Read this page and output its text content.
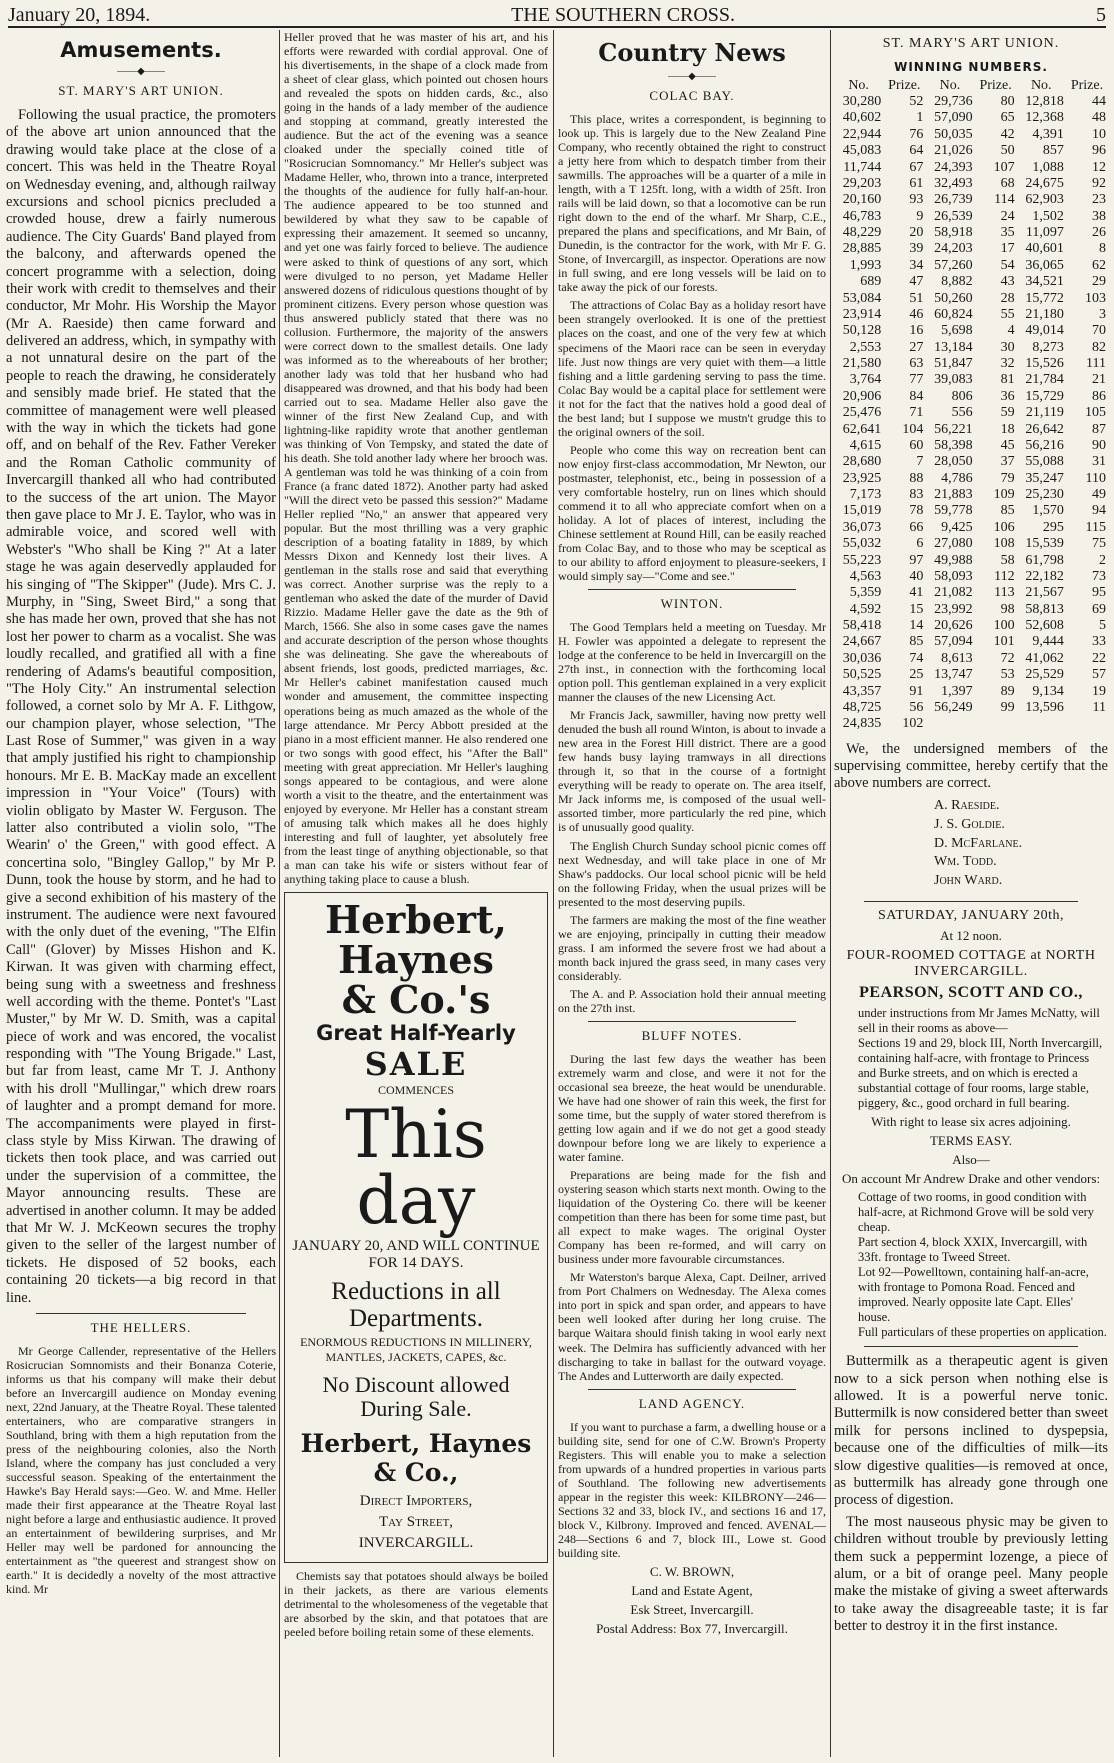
January 20, 1894.	THE SOUTHERN CROSS.	5
Amusements.
——◆——
ST. MARY'S ART UNION.

Following the usual practice, the promoters of the above art union announced that the drawing would take place at the close of a concert. This was held in the Theatre Royal on Wednesday evening, and, although railway excursions and school picnics precluded a crowded house, drew a fairly numerous audience. The City Guards' Band played from the balcony, and afterwards opened the concert programme with a selection, doing their work with credit to themselves and their conductor, Mr Mohr. His Worship the Mayor (Mr A. Raeside) then came forward and delivered an address, which, in sympathy with a not unnatural desire on the part of the people to reach the drawing, he considerately and sensibly made brief. He stated that the committee of management were well pleased with the way in which the tickets had gone off, and on behalf of the Rev. Father Vereker and the Roman Catholic community of Invercargill thanked all who had contributed to the success of the art union. The Mayor then gave place to Mr J. E. Taylor, who was in admirable voice, and scored well with Webster's "Who shall be King ?" At a later stage he was again deservedly applauded for his singing of "The Skipper" (Jude). Mrs C. J. Murphy, in "Sing, Sweet Bird," a song that she has made her own, proved that she has not lost her power to charm as a vocalist. She was loudly recalled, and gratified all with a fine rendering of Adams's beautiful composition, "The Holy City." An instrumental selection followed, a cornet solo by Mr A. F. Lithgow, our champion player, whose selection, "The Last Rose of Summer," was given in a way that amply justified his right to championship honours. Mr E. B. MacKay made an excellent impression in "Your Voice" (Tours) with violin obligato by Master W. Ferguson. The latter also contributed a violin solo, "The Wearin' o' the Green," with good effect. A concertina solo, "Bingley Gallop," by Mr P. Dunn, took the house by storm, and he had to give a second exhibition of his mastery of the instrument. The audience were next favoured with the only duet of the evening, "The Elfin Call" (Glover) by Misses Hishon and K. Kirwan. It was given with charming effect, being sung with a sweetness and freshness well according with the theme. Pontet's "Last Muster," by Mr W. D. Smith, was a capital piece of work and was encored, the vocalist responding with "The Young Brigade." Last, but far from least, came Mr T. J. Anthony with his droll "Mullingar," which drew roars of laughter and a prompt demand for more. The accompaniments were played in first-class style by Miss Kirwan. The drawing of tickets then took place, and was carried out under the supervision of a committee, the Mayor announcing results. These are advertised in another column. It may be added that Mr W. J. McKeown secures the trophy given to the seller of the largest number of tickets. He disposed of 52 books, each containing 20 tickets—a big record in that line.

THE HELLERS.

Mr George Callender, representative of the Hellers Rosicrucian Somnomists and their Bonanza Coterie, informs us that his company will make their debut before an Invercargill audience on Monday evening next, 22nd January, at the Theatre Royal. These talented entertainers, who are comparative strangers in Southland, bring with them a high reputation from the press of the neighbouring colonies, also the North Island, where the company has just concluded a very successful season. Speaking of the entertainment the Hawke's Bay Herald says:—Geo. W. and Mme. Heller made their first appearance at the Theatre Royal last night before a large and enthusiastic audience. It proved an entertainment of bewildering surprises, and Mr Heller may well be pardoned for announcing the entertainment as "the queerest and strangest show on earth." It is decidedly a novelty of the most attractive kind. Mr

Heller proved that he was master of his art, and his efforts were rewarded with cordial approval. One of his divertisements, in the shape of a clock made from a sheet of clear glass, which pointed out chosen hours and revealed the spots on hidden cards, &c., also going in the hands of a lady member of the audience and stopping at command, greatly interested the audience. But the act of the evening was a seance cloaked under the specially coined title of "Rosicrucian Somnomancy." Mr Heller's subject was Madame Heller, who, thrown into a trance, interpreted the thoughts of the audience for fully half-an-hour. The audience appeared to be too stunned and bewildered by what they saw to be capable of expressing their amazement. It seemed so uncanny, and yet one was fairly forced to believe. The audience were asked to think of questions of any sort, which were divulged to no person, yet Madame Heller answered dozens of ridiculous questions thought of by prominent citizens. Every person whose question was thus answered publicly stated that there was no collusion. Furthermore, the majority of the answers were correct down to the smallest details. One lady was informed as to the whereabouts of her brother; another lady was told that her husband who had disappeared was drowned, and that his body had been carried out to sea. Madame Heller also gave the winner of the first New Zealand Cup, and with lightning-like rapidity wrote that another gentleman was thinking of Von Tempsky, and stated the date of his death. She told another lady where her brooch was. A gentleman was told he was thinking of a coin from France (a franc dated 1872). Another party had asked "Will the direct veto be passed this session?" Madame Heller replied "No," an answer that appeared very popular. But the most thrilling was a very graphic description of a boating fatality in 1889, by which Messrs Dixon and Kennedy lost their lives. A gentleman in the stalls rose and said that everything was correct. Another surprise was the reply to a gentleman who asked the date of the murder of David Rizzio. Madame Heller gave the date as the 9th of March, 1566. She also in some cases gave the names and accurate description of the person whose thoughts she was delineating. She gave the whereabouts of absent friends, lost goods, predicted marriages, &c. Mr Heller's cabinet manifestation caused much wonder and amusement, the committee inspecting operations being as much amazed as the whole of the large attendance. Mr Percy Abbott presided at the piano in a most efficient manner. He also rendered one or two songs with good effect, his "After the Ball" meeting with great appreciation. Mr Heller's laughing songs appeared to be contagious, and were alone worth a visit to the theatre, and the entertainment was enjoyed by everyone. Mr Heller has a constant stream of amusing talk which makes all he does highly interesting and full of laughter, yet absolutely free from the least tinge of anything objectionable, so that a man can take his wife or sisters without fear of anything taking place to cause a blush.

Herbert,
Haynes
& Co.'s
Great Half-Yearly
SALE
COMMENCES
This day
JANUARY 20, AND WILL CONTINUE FOR 14 DAYS.
Reductions in all Departments.
ENORMOUS REDUCTIONS IN MILLINERY, MANTLES, JACKETS, CAPES, &c.
No Discount allowed During Sale.
Herbert, Haynes & Co.,
Direct Importers,
Tay Street,
INVERCARGILL.

Chemists say that potatoes should always be boiled in their jackets, as there are various elements detrimental to the wholesomeness of the vegetable that are absorbed by the skin, and that potatoes that are peeled before boiling retain some of these elements.

Country News
——◆——
COLAC BAY.

This place, writes a correspondent, is beginning to look up. This is largely due to the New Zealand Pine Company, who recently obtained the right to construct a jetty here from which to despatch timber from their sawmills. The approaches will be a quarter of a mile in length, with a T 125ft. long, with a width of 25ft. Iron rails will be laid down, so that a locomotive can be run right down to the end of the wharf. Mr Sharp, C.E., prepared the plans and specifications, and Mr Bain, of Dunedin, is the contractor for the work, with Mr F. G. Stone, of Invercargill, as inspector. Operations are now in full swing, and ere long vessels will be laid on to take away the pick of our forests.

The attractions of Colac Bay as a holiday resort have been strangely overlooked. It is one of the prettiest places on the coast, and one of the very few at which specimens of the Maori race can be seen in everyday life. Just now things are very quiet with them—a little fishing and a little gardening serving to pass the time. Colac Bay would be a capital place for settlement were it not for the fact that the natives hold a good deal of the best land; but I suppose we mustn't grudge this to the original owners of the soil.

People who come this way on recreation bent can now enjoy first-class accommodation, Mr Newton, our postmaster, telephonist, etc., being in possession of a very comfortable hostelry, run on lines which should commend it to all who appreciate comfort when on a holiday. A lot of places of interest, including the Chinese settlement at Round Hill, can be easily reached from Colac Bay, and to those who may be sceptical as to our ability to afford enjoyment to pleasure-seekers, I would simply say—"Come and see."

WINTON.

The Good Templars held a meeting on Tuesday. Mr H. Fowler was appointed a delegate to represent the lodge at the conference to be held in Invercargill on the 27th inst., in connection with the forthcoming local option poll. This gentleman explained in a very explicit manner the clauses of the new Licensing Act.

Mr Francis Jack, sawmiller, having now pretty well denuded the bush all round Winton, is about to invade a new area in the Forest Hill district. There are a good few hands busy laying tramways in all directions through it, so that in the course of a fortnight everything will be ready to operate on. The area itself, Mr Jack informs me, is composed of the usual well-assorted timber, more particularly the red pine, which is of unusually good quality.

The English Church Sunday school picnic comes off next Wednesday, and will take place in one of Mr Shaw's paddocks. Our local school picnic will be held on the following Friday, when the usual prizes will be presented to the most deserving pupils.

The farmers are making the most of the fine weather we are enjoying, principally in cutting their meadow grass. I am informed the severe frost we had about a month back injured the grass seed, in many cases very considerably.

The A. and P. Association hold their annual meeting on the 27th inst.

BLUFF NOTES.

During the last few days the weather has been extremely warm and close, and were it not for the occasional sea breeze, the heat would be unendurable. We have had one shower of rain this week, the first for some time, but the supply of water stored therefrom is getting low again and if we do not get a good steady downpour before long we are likely to experience a water famine.

Preparations are being made for the fish and oystering season which starts next month. Owing to the liquidation of the Oystering Co. there will be keener competition than there has been for some time past, but all expect to make wages. The original Oyster Company has been re-formed, and will carry on business under more favourable circumstances.

Mr Waterston's barque Alexa, Capt. Deilner, arrived from Port Chalmers on Wednesday. The Alexa comes into port in spick and span order, and appears to have been well looked after during her long cruise. The barque Waitara should finish taking in wool early next week. The Delmira has sufficiently advanced with her discharging to take in ballast for the outward voyage. The Andes and Lutterworth are daily expected.

LAND AGENCY.

If you want to purchase a farm, a dwelling house or a building site, send for one of C.W. Brown's Property Registers. This will enable you to make a selection from upwards of a hundred properties in various parts of Southland. The following new advertisements appear in the register this week: KILBRONY—246—Sections 32 and 33, block IV., and sections 16 and 17, block V., Kilbrony. Improved and fenced. AVENAL—248—Sections 6 and 7, block III., Lowe st. Good building site.

C. W. BROWN,
Land and Estate Agent,
Esk Street, Invercargill.
Postal Address: Box 77, Invercargill.
ST. MARY'S ART UNION.
WINNING NUMBERS.
No.	Prize.	No.	Prize.	No.	Prize.
30,280	52	29,736	80	12,818	44
40,602	1	57,090	65	12,368	48
22,944	76	50,035	42	4,391	10
45,083	64	21,026	50	857	96
11,744	67	24,393	107	1,088	12
29,203	61	32,493	68	24,675	92
20,160	93	26,739	114	62,903	23
46,783	9	26,539	24	1,502	38
48,229	20	58,918	35	11,097	26
28,885	39	24,203	17	40,601	8
1,993	34	57,260	54	36,065	62
689	47	8,882	43	34,521	29
53,084	51	50,260	28	15,772	103
23,914	46	60,824	55	21,180	3
50,128	16	5,698	4	49,014	70
2,553	27	13,184	30	8,273	82
21,580	63	51,847	32	15,526	111
3,764	77	39,083	81	21,784	21
20,906	84	806	36	15,729	86
25,476	71	556	59	21,119	105
62,641	104	56,221	18	26,642	87
4,615	60	58,398	45	56,216	90
28,680	7	28,050	37	55,088	31
23,925	88	4,786	79	35,247	110
7,173	83	21,883	109	25,230	49
15,019	78	59,778	85	1,570	94
36,073	66	9,425	106	295	115
55,032	6	27,080	108	15,539	75
55,223	97	49,988	58	61,798	2
4,563	40	58,093	112	22,182	73
5,359	41	21,082	113	21,567	95
4,592	15	23,992	98	58,813	69
58,418	14	20,626	100	52,608	5
24,667	85	57,094	101	9,444	33
30,036	74	8,613	72	41,062	22
50,525	25	13,747	53	25,529	57
43,357	91	1,397	89	9,134	19
48,725	56	56,249	99	13,596	11
24,835	102				

We, the undersigned members of the supervising committee, hereby certify that the above numbers are correct.

A. Raeside.
J. S. Goldie.
D. McFarlane.
Wm. Todd.
John Ward.
SATURDAY, JANUARY 20th,
At 12 noon.
FOUR-ROOMED COTTAGE at NORTH INVERCARGILL.
PEARSON, SCOTT AND CO.,
under instructions from Mr James McNatty, will sell in their rooms as above—
Sections 19 and 29, block III, North Invercargill, containing half-acre, with frontage to Princess and Burke streets, and on which is erected a substantial cottage of four rooms, large stable, piggery, &c., good orchard in full bearing.
With right to lease six acres adjoining.
TERMS EASY.
Also—
On account Mr Andrew Drake and other vendors:
Cottage of two rooms, in good condition with half-acre, at Richmond Grove will be sold very cheap.
Part section 4, block XXIX, Invercargill, with 33ft. frontage to Tweed Street.
Lot 92—Powelltown, containing half-an-acre, with frontage to Pomona Road. Fenced and improved. Nearly opposite late Capt. Elles' house.
Full particulars of these properties on application.

Buttermilk as a therapeutic agent is given now to a sick person when nothing else is allowed. It is a powerful nerve tonic. Buttermilk is now considered better than sweet milk for persons inclined to dyspepsia, because one of the difficulties of milk—its slow digestive qualities—is removed at once, as buttermilk has already gone through one process of digestion.

The most nauseous physic may be given to children without trouble by previously letting them suck a peppermint lozenge, a piece of alum, or a bit of orange peel. Many people make the mistake of giving a sweet afterwards to take away the disagreeable taste; it is far better to destroy it in the first instance.
